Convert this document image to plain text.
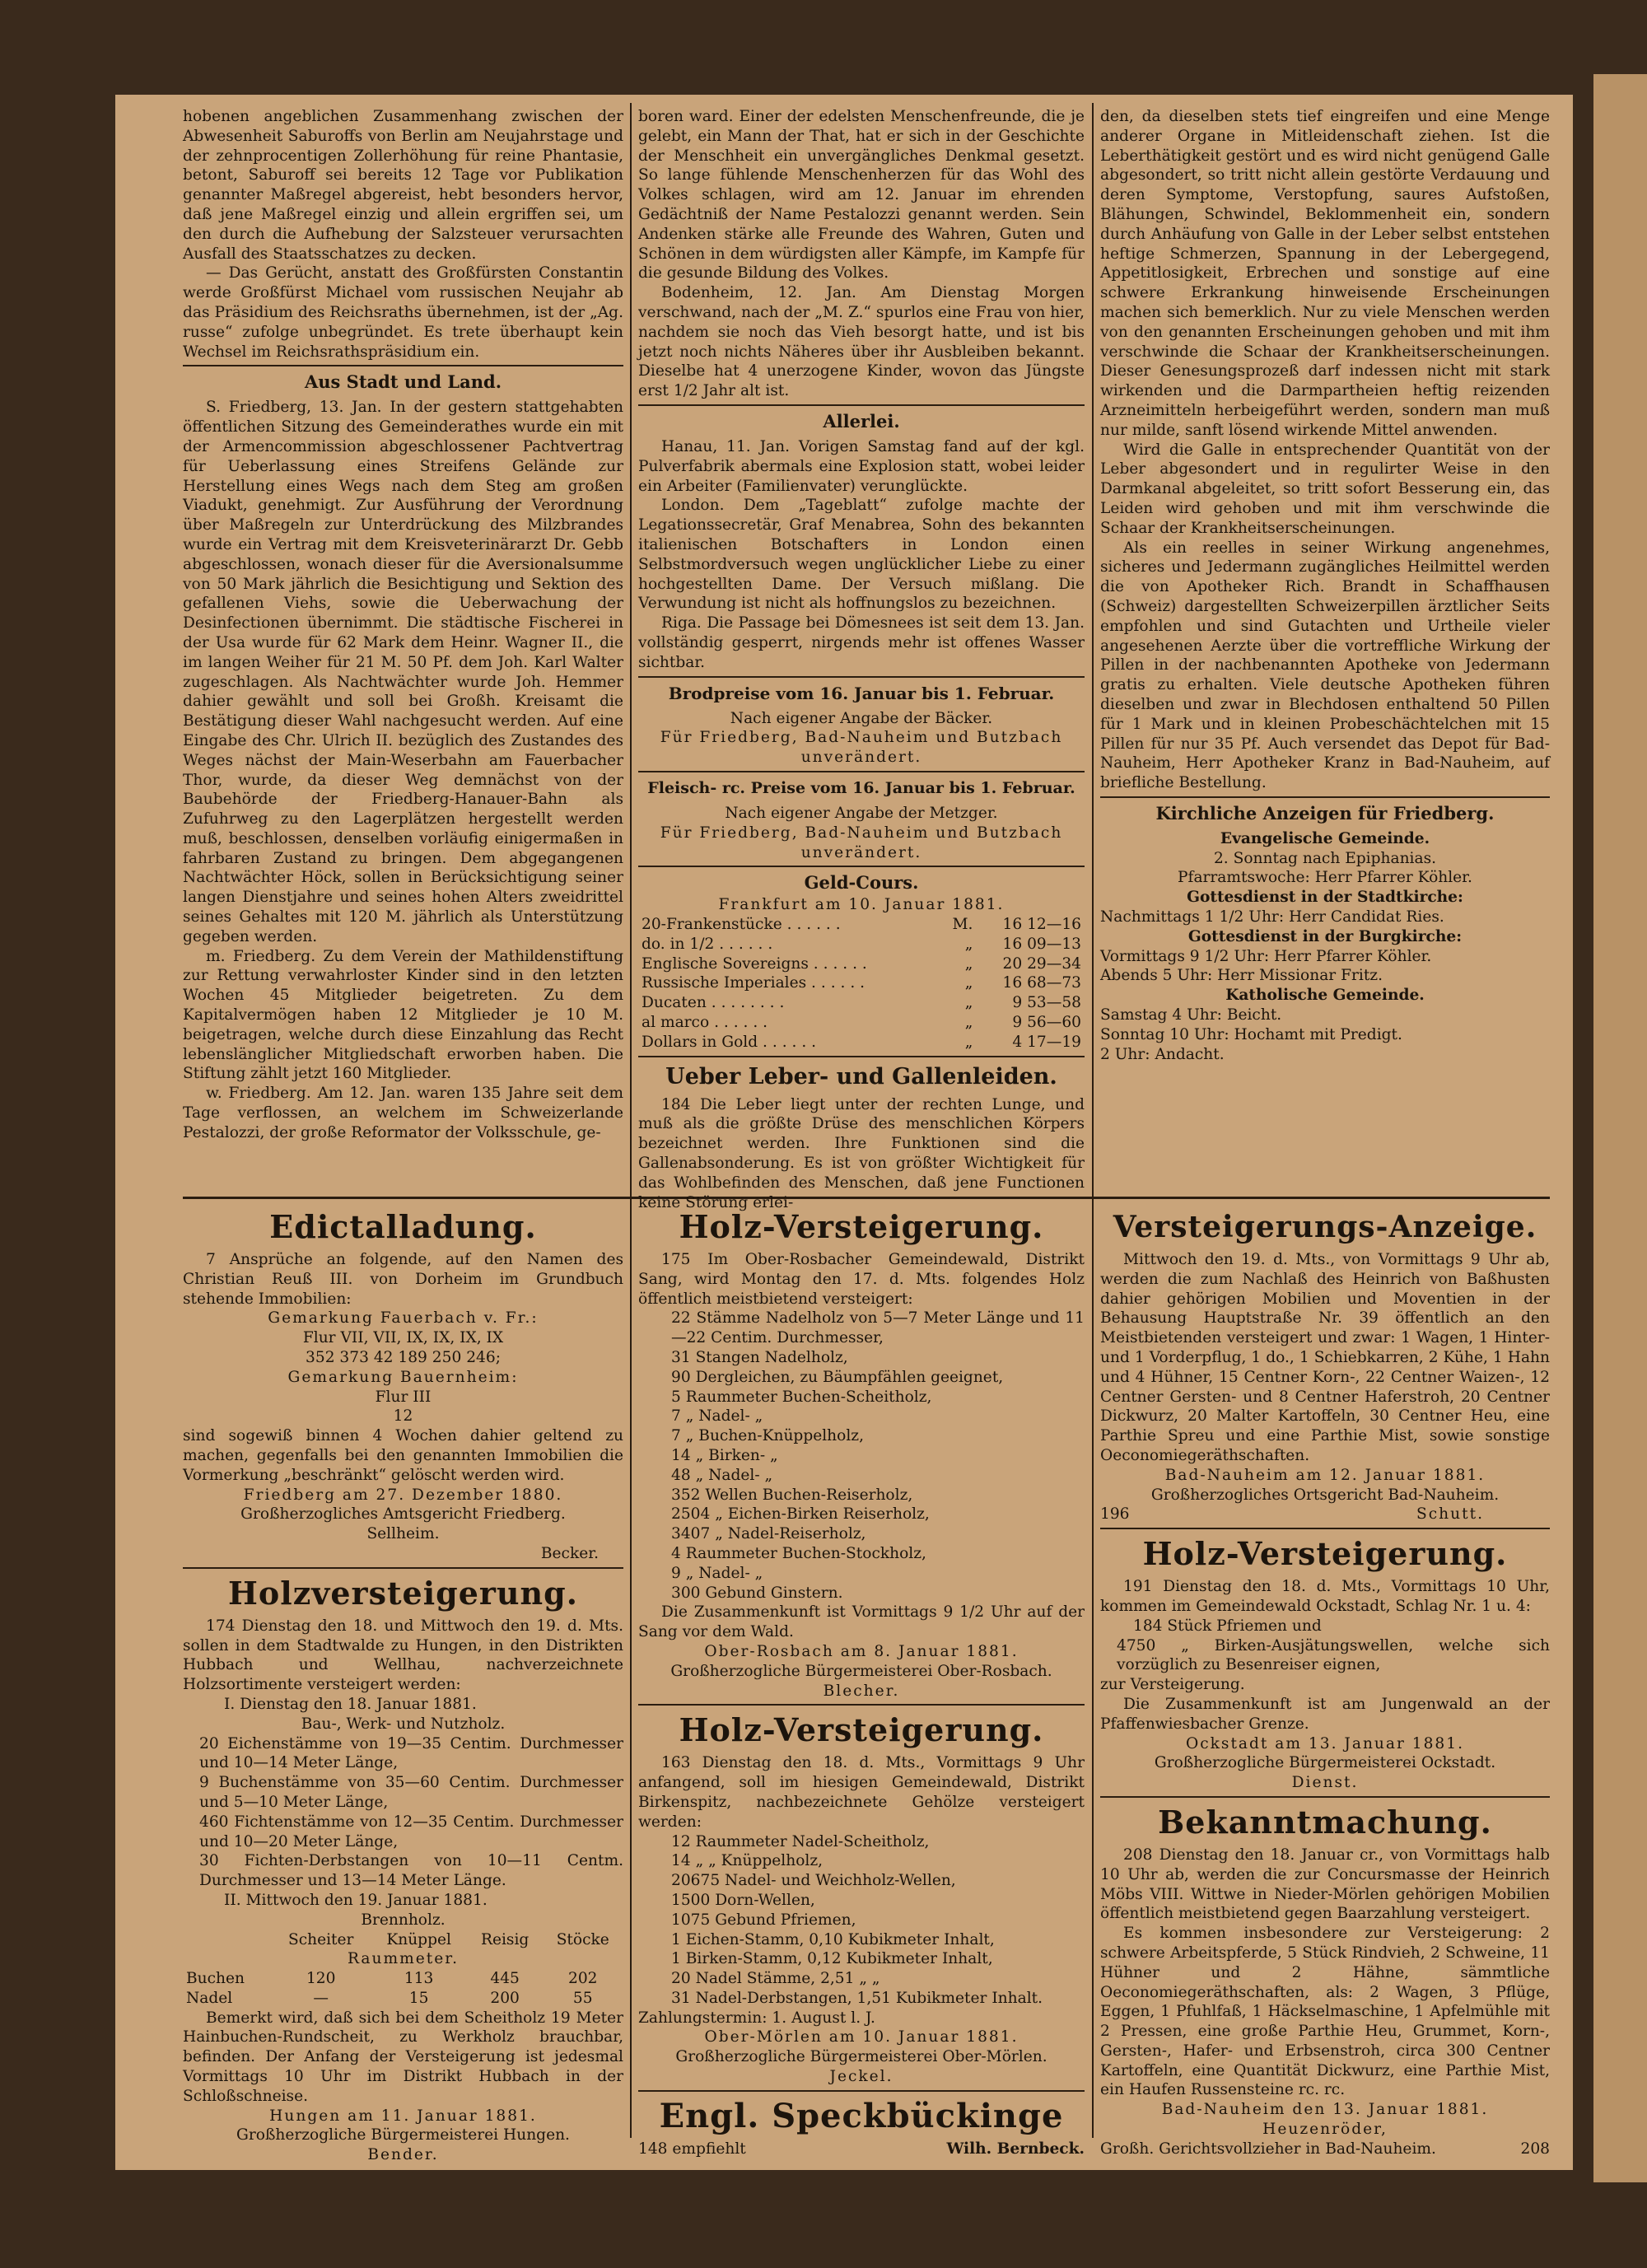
hobenen angeblichen Zusammenhang zwischen der Abwesenheit Saburoffs von Berlin am Neujahrstage und der zehnprocentigen Zollerhöhung für reine Phantasie, betont, Saburoff sei bereits 12 Tage vor Publikation genannter Maßregel abgereist, hebt besonders hervor, daß jene Maßregel einzig und allein ergriffen sei, um den durch die Aufhebung der Salzsteuer verursachten Ausfall des Staatsschatzes zu decken.

— Das Gerücht, anstatt des Großfürsten Constantin werde Großfürst Michael vom russischen Neujahr ab das Präsidium des Reichsraths übernehmen, ist der „Ag. russe“ zufolge unbegründet. Es trete überhaupt kein Wechsel im Reichsrathspräsidium ein.

Aus Stadt und Land.

S. Friedberg, 13. Jan. In der gestern stattgehabten öffentlichen Sitzung des Gemeinderathes wurde ein mit der Armencommission abgeschlossener Pachtvertrag für Ueberlassung eines Streifens Gelände zur Herstellung eines Wegs nach dem Steg am großen Viadukt, genehmigt. Zur Ausführung der Verordnung über Maßregeln zur Unterdrückung des Milzbrandes wurde ein Vertrag mit dem Kreisveterinärarzt Dr. Gebb abgeschlossen, wonach dieser für die Aversionalsumme von 50 Mark jährlich die Besichtigung und Sektion des gefallenen Viehs, sowie die Ueberwachung der Desinfectionen übernimmt. Die städtische Fischerei in der Usa wurde für 62 Mark dem Heinr. Wagner II., die im langen Weiher für 21 M. 50 Pf. dem Joh. Karl Walter zugeschlagen. Als Nachtwächter wurde Joh. Hemmer dahier gewählt und soll bei Großh. Kreisamt die Bestätigung dieser Wahl nachgesucht werden. Auf eine Eingabe des Chr. Ulrich II. bezüglich des Zustandes des Weges nächst der Main-Weserbahn am Fauerbacher Thor, wurde, da dieser Weg demnächst von der Baubehörde der Friedberg-Hanauer-Bahn als Zufuhrweg zu den Lagerplätzen hergestellt werden muß, beschlossen, denselben vorläufig einigermaßen in fahrbaren Zustand zu bringen. Dem abgegangenen Nachtwächter Höck, sollen in Berücksichtigung seiner langen Dienstjahre und seines hohen Alters zweidrittel seines Gehaltes mit 120 M. jährlich als Unterstützung gegeben werden.

m. Friedberg. Zu dem Verein der Mathildenstiftung zur Rettung verwahrloster Kinder sind in den letzten Wochen 45 Mitglieder beigetreten. Zu dem Kapitalvermögen haben 12 Mitglieder je 10 M. beigetragen, welche durch diese Einzahlung das Recht lebenslänglicher Mitgliedschaft erworben haben. Die Stiftung zählt jetzt 160 Mitglieder.

w. Friedberg. Am 12. Jan. waren 135 Jahre seit dem Tage verflossen, an welchem im Schweizerlande Pestalozzi, der große Reformator der Volksschule, ge-

boren ward. Einer der edelsten Menschenfreunde, die je gelebt, ein Mann der That, hat er sich in der Geschichte der Menschheit ein unvergängliches Denkmal gesetzt. So lange fühlende Menschenherzen für das Wohl des Volkes schlagen, wird am 12. Januar im ehrenden Gedächtniß der Name Pestalozzi genannt werden. Sein Andenken stärke alle Freunde des Wahren, Guten und Schönen in dem würdigsten aller Kämpfe, im Kampfe für die gesunde Bildung des Volkes.

Bodenheim, 12. Jan. Am Dienstag Morgen verschwand, nach der „M. Z.“ spurlos eine Frau von hier, nachdem sie noch das Vieh besorgt hatte, und ist bis jetzt noch nichts Näheres über ihr Ausbleiben bekannt. Dieselbe hat 4 unerzogene Kinder, wovon das Jüngste erst 1/2 Jahr alt ist.

Allerlei.

Hanau, 11. Jan. Vorigen Samstag fand auf der kgl. Pulverfabrik abermals eine Explosion statt, wobei leider ein Arbeiter (Familienvater) verunglückte.

London. Dem „Tageblatt“ zufolge machte der Legationssecretär, Graf Menabrea, Sohn des bekannten italienischen Botschafters in London einen Selbstmordversuch wegen unglücklicher Liebe zu einer hochgestellten Dame. Der Versuch mißlang. Die Verwundung ist nicht als hoffnungslos zu bezeichnen.

Riga. Die Passage bei Dömesnees ist seit dem 13. Jan. vollständig gesperrt, nirgends mehr ist offenes Wasser sichtbar.

Brodpreise vom 16. Januar bis 1. Februar.
Nach eigener Angabe der Bäcker.
Für Friedberg, Bad-Nauheim und Butzbach
unverändert.
Fleisch- rc. Preise vom 16. Januar bis 1. Februar.
Nach eigener Angabe der Metzger.
Für Friedberg, Bad-Nauheim und Butzbach
unverändert.
Geld-Cours.
Frankfurt am 10. Januar 1881.
20-Frankenstücke . . . . . .	M.	16 12—16
do. in 1/2 . . . . . .	„	16 09—13
Englische Sovereigns . . . . . .	„	20 29—34
Russische Imperiales . . . . . .	„	16 68—73
Ducaten . . . . . . . .	„	9 53—58
al marco . . . . . .	„	9 56—60
Dollars in Gold . . . . . .	„	4 17—19
Ueber Leber- und Gallenleiden.

184 Die Leber liegt unter der rechten Lunge, und muß als die größte Drüse des menschlichen Körpers bezeichnet werden. Ihre Funktionen sind die Gallenabsonderung. Es ist von größter Wichtigkeit für das Wohlbefinden des Menschen, daß jene Functionen keine Störung erlei-

den, da dieselben stets tief eingreifen und eine Menge anderer Organe in Mitleidenschaft ziehen. Ist die Leberthätigkeit gestört und es wird nicht genügend Galle abgesondert, so tritt nicht allein gestörte Verdauung und deren Symptome, Verstopfung, saures Aufstoßen, Blähungen, Schwindel, Beklommenheit ein, sondern durch Anhäufung von Galle in der Leber selbst entstehen heftige Schmerzen, Spannung in der Lebergegend, Appetitlosigkeit, Erbrechen und sonstige auf eine schwere Erkrankung hinweisende Erscheinungen machen sich bemerklich. Nur zu viele Menschen werden von den genannten Erscheinungen gehoben und mit ihm verschwinde die Schaar der Krankheitserscheinungen. Dieser Genesungsprozeß darf indessen nicht mit stark wirkenden und die Darmpartheien heftig reizenden Arzneimitteln herbeigeführt werden, sondern man muß nur milde, sanft lösend wirkende Mittel anwenden.

Wird die Galle in entsprechender Quantität von der Leber abgesondert und in regulirter Weise in den Darmkanal abgeleitet, so tritt sofort Besserung ein, das Leiden wird gehoben und mit ihm verschwinde die Schaar der Krankheitserscheinungen.

Als ein reelles in seiner Wirkung angenehmes, sicheres und Jedermann zugängliches Heilmittel werden die von Apotheker Rich. Brandt in Schaffhausen (Schweiz) dargestellten Schweizerpillen ärztlicher Seits empfohlen und sind Gutachten und Urtheile vieler angesehenen Aerzte über die vortreffliche Wirkung der Pillen in der nachbenannten Apotheke von Jedermann gratis zu erhalten. Viele deutsche Apotheken führen dieselben und zwar in Blechdosen enthaltend 50 Pillen für 1 Mark und in kleinen Probeschächtelchen mit 15 Pillen für nur 35 Pf. Auch versendet das Depot für Bad-Nauheim, Herr Apotheker Kranz in Bad-Nauheim, auf briefliche Bestellung.

Kirchliche Anzeigen für Friedberg.
Evangelische Gemeinde.
2. Sonntag nach Epiphanias.
Pfarramtswoche: Herr Pfarrer Köhler.
Gottesdienst in der Stadtkirche:
Nachmittags 1 1/2 Uhr: Herr Candidat Ries.
Gottesdienst in der Burgkirche:
Vormittags 9 1/2 Uhr: Herr Pfarrer Köhler.
Abends 5 Uhr: Herr Missionar Fritz.
Katholische Gemeinde.
Samstag 4 Uhr: Beicht.
Sonntag 10 Uhr: Hochamt mit Predigt.
2 Uhr: Andacht.
Edictalladung.

7 Ansprüche an folgende, auf den Namen des Christian Reuß III. von Dorheim im Grundbuch stehende Immobilien:

Gemarkung Fauerbach v. Fr.:
Flur VII, VII, IX, IX, IX, IX
352 373 42 189 250 246;
Gemarkung Bauernheim:
Flur III
12

sind sogewiß binnen 4 Wochen dahier geltend zu machen, gegenfalls bei den genannten Immobilien die Vormerkung „beschränkt“ gelöscht werden wird.

Friedberg am 27. Dezember 1880.
Großherzogliches Amtsgericht Friedberg.
Sellheim.
Becker.
Holzversteigerung.

174 Dienstag den 18. und Mittwoch den 19. d. Mts. sollen in dem Stadtwalde zu Hungen, in den Distrikten Hubbach und Wellhau, nachverzeichnete Holzsortimente versteigert werden:

I. Dienstag den 18. Januar 1881.
Bau-, Werk- und Nutzholz.

20 Eichenstämme von 19—35 Centim. Durchmesser und 10—14 Meter Länge,

9 Buchenstämme von 35—60 Centim. Durchmesser und 5—10 Meter Länge,

460 Fichtenstämme von 12—35 Centim. Durchmesser und 10—20 Meter Länge,

30 Fichten-Derbstangen von 10—11 Centm. Durchmesser und 13—14 Meter Länge.

II. Mittwoch den 19. Januar 1881.
Brennholz.
	Scheiter	Knüppel	Reisig	Stöcke
Raummeter.				
Buchen	120	113	445	202
Nadel	—	15	200	55

Bemerkt wird, daß sich bei dem Scheitholz 19 Meter Hainbuchen-Rundscheit, zu Werkholz brauchbar, befinden. Der Anfang der Versteigerung ist jedesmal Vormittags 10 Uhr im Distrikt Hubbach in der Schloßschneise.

Hungen am 11. Januar 1881.
Großherzogliche Bürgermeisterei Hungen.
Bender.
Holz-Versteigerung.

175 Im Ober-Rosbacher Gemeindewald, Distrikt Sang, wird Montag den 17. d. Mts. folgendes Holz öffentlich meistbietend versteigert:

22 Stämme Nadelholz von 5—7 Meter Länge und 11—22 Centim. Durchmesser,
31 Stangen Nadelholz,
90 Dergleichen, zu Bäumpfählen geeignet,
5 Raummeter Buchen-Scheitholz,
7 „ Nadel- „
7 „ Buchen-Knüppelholz,
14 „ Birken- „
48 „ Nadel- „
352 Wellen Buchen-Reiserholz,
2504 „ Eichen-Birken Reiserholz,
3407 „ Nadel-Reiserholz,
4 Raummeter Buchen-Stockholz,
9 „ Nadel- „
300 Gebund Ginstern.

Die Zusammenkunft ist Vormittags 9 1/2 Uhr auf der Sang vor dem Wald.

Ober-Rosbach am 8. Januar 1881.
Großherzogliche Bürgermeisterei Ober-Rosbach.
Blecher.
Holz-Versteigerung.

163 Dienstag den 18. d. Mts., Vormittags 9 Uhr anfangend, soll im hiesigen Gemeindewald, Distrikt Birkenspitz, nachbezeichnete Gehölze versteigert werden:

12 Raummeter Nadel-Scheitholz,
14 „ „ Knüppelholz,
20675 Nadel- und Weichholz-Wellen,
1500 Dorn-Wellen,
1075 Gebund Pfriemen,
1 Eichen-Stamm, 0,10 Kubikmeter Inhalt,
1 Birken-Stamm, 0,12 Kubikmeter Inhalt,
20 Nadel Stämme, 2,51 „ „
31 Nadel-Derbstangen, 1,51 Kubikmeter Inhalt.
Zahlungstermin: 1. August l. J.
Ober-Mörlen am 10. Januar 1881.
Großherzogliche Bürgermeisterei Ober-Mörlen.
Jeckel.
Engl. Speckbückinge
148 empfiehlt	Wilh. Bernbeck.
Versteigerungs-Anzeige.

Mittwoch den 19. d. Mts., von Vormittags 9 Uhr ab, werden die zum Nachlaß des Heinrich von Baßhusten dahier gehörigen Mobilien und Moventien in der Behausung Hauptstraße Nr. 39 öffentlich an den Meistbietenden versteigert und zwar: 1 Wagen, 1 Hinter- und 1 Vorderpflug, 1 do., 1 Schiebkarren, 2 Kühe, 1 Hahn und 4 Hühner, 15 Centner Korn-, 22 Centner Waizen-, 12 Centner Gersten- und 8 Centner Haferstroh, 20 Centner Dickwurz, 20 Malter Kartoffeln, 30 Centner Heu, eine Parthie Spreu und eine Parthie Mist, sowie sonstige Oeconomiegeräthschaften.

Bad-Nauheim am 12. Januar 1881.
Großherzogliches Ortsgericht Bad-Nauheim.
196	Schutt.
Holz-Versteigerung.

191 Dienstag den 18. d. Mts., Vormittags 10 Uhr, kommen im Gemeindewald Ockstadt, Schlag Nr. 1 u. 4:

184 Stück Pfriemen und
4750 „ Birken-Ausjätungswellen, welche sich vorzüglich zu Besenreiser eignen,
zur Versteigerung.

Die Zusammenkunft ist am Jungenwald an der Pfaffenwiesbacher Grenze.

Ockstadt am 13. Januar 1881.
Großherzogliche Bürgermeisterei Ockstadt.
Dienst.
Bekanntmachung.

208 Dienstag den 18. Januar cr., von Vormittags halb 10 Uhr ab, werden die zur Concursmasse der Heinrich Möbs VIII. Wittwe in Nieder-Mörlen gehörigen Mobilien öffentlich meistbietend gegen Baarzahlung versteigert.

Es kommen insbesondere zur Versteigerung: 2 schwere Arbeitspferde, 5 Stück Rindvieh, 2 Schweine, 11 Hühner und 2 Hähne, sämmtliche Oeconomiegeräthschaften, als: 2 Wagen, 3 Pflüge, Eggen, 1 Pfuhlfaß, 1 Häckselmaschine, 1 Apfelmühle mit 2 Pressen, eine große Parthie Heu, Grummet, Korn-, Gersten-, Hafer- und Erbsenstroh, circa 300 Centner Kartoffeln, eine Quantität Dickwurz, eine Parthie Mist, ein Haufen Russensteine rc. rc.

Bad-Nauheim den 13. Januar 1881.
Heuzenröder,
Großh. Gerichtsvollzieher in Bad-Nauheim.	208
